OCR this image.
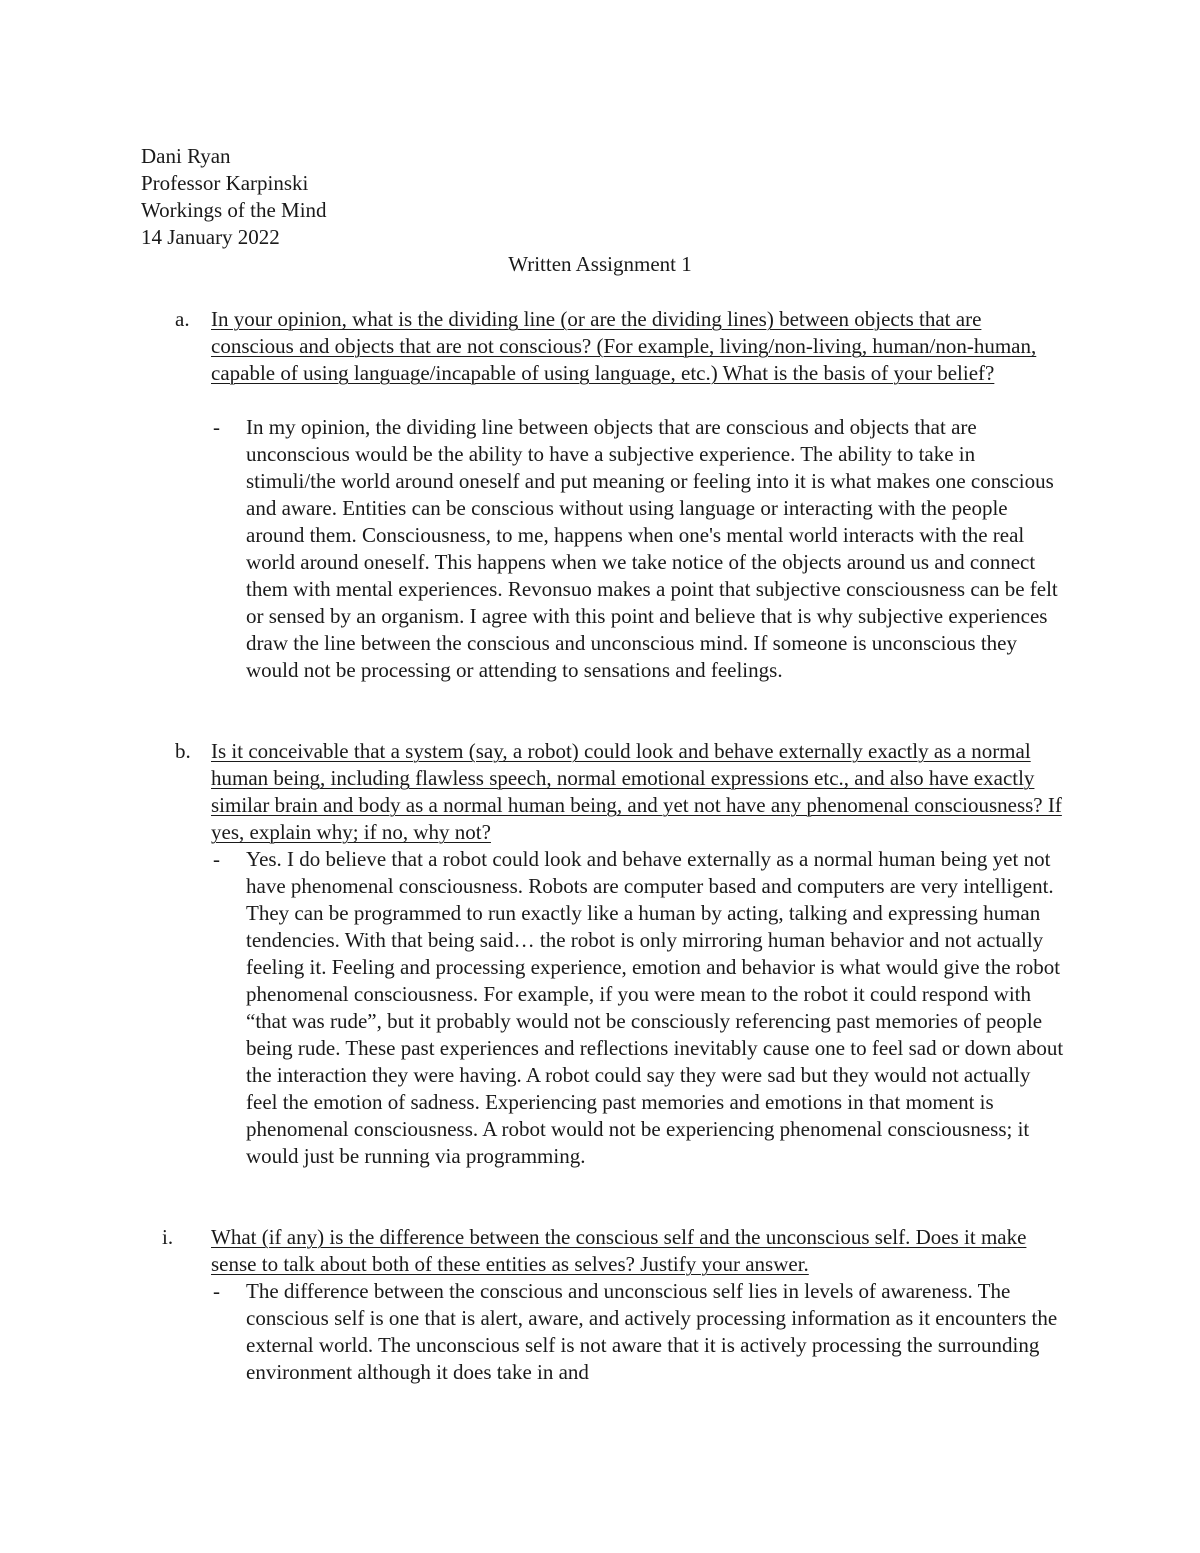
Dani Ryan
Professor Karpinski
Workings of the Mind
14 January 2022
Written Assignment 1
a. In your opinion, what is the dividing line (or are the dividing lines) between objects that are conscious and objects that are not conscious? (For example, living/non-living, human/non-human, capable of using language/incapable of using language, etc.) What is the basis of your belief?
- In my opinion, the dividing line between objects that are conscious and objects that are unconscious would be the ability to have a subjective experience. The ability to take in stimuli/the world around oneself and put meaning or feeling into it is what makes one conscious and aware. Entities can be conscious without using language or interacting with the people around them. Consciousness, to me, happens when one's mental world interacts with the real world around oneself. This happens when we take notice of the objects around us and connect them with mental experiences. Revonsuo makes a point that subjective consciousness can be felt or sensed by an organism. I agree with this point and believe that is why subjective experiences draw the line between the conscious and unconscious mind. If someone is unconscious they would not be processing or attending to sensations and feelings.
b. Is it conceivable that a system (say, a robot) could look and behave externally exactly as a normal human being, including flawless speech, normal emotional expressions etc., and also have exactly similar brain and body as a normal human being, and yet not have any phenomenal consciousness? If yes, explain why; if no, why not?
- Yes. I do believe that a robot could look and behave externally as a normal human being yet not have phenomenal consciousness. Robots are computer based and computers are very intelligent. They can be programmed to run exactly like a human by acting, talking and expressing human tendencies. With that being said… the robot is only mirroring human behavior and not actually feeling it. Feeling and processing experience, emotion and behavior is what would give the robot phenomenal consciousness. For example, if you were mean to the robot it could respond with “that was rude”, but it probably would not be consciously referencing past memories of people being rude. These past experiences and reflections inevitably cause one to feel sad or down about the interaction they were having. A robot could say they were sad but they would not actually feel the emotion of sadness. Experiencing past memories and emotions in that moment is phenomenal consciousness. A robot would not be experiencing phenomenal consciousness; it would just be running via programming.
i. What (if any) is the difference between the conscious self and the unconscious self. Does it make sense to talk about both of these entities as selves? Justify your answer.
- The difference between the conscious and unconscious self lies in levels of awareness. The conscious self is one that is alert, aware, and actively processing information as it encounters the external world. The unconscious self is not aware that it is actively processing the surrounding environment although it does take in and
